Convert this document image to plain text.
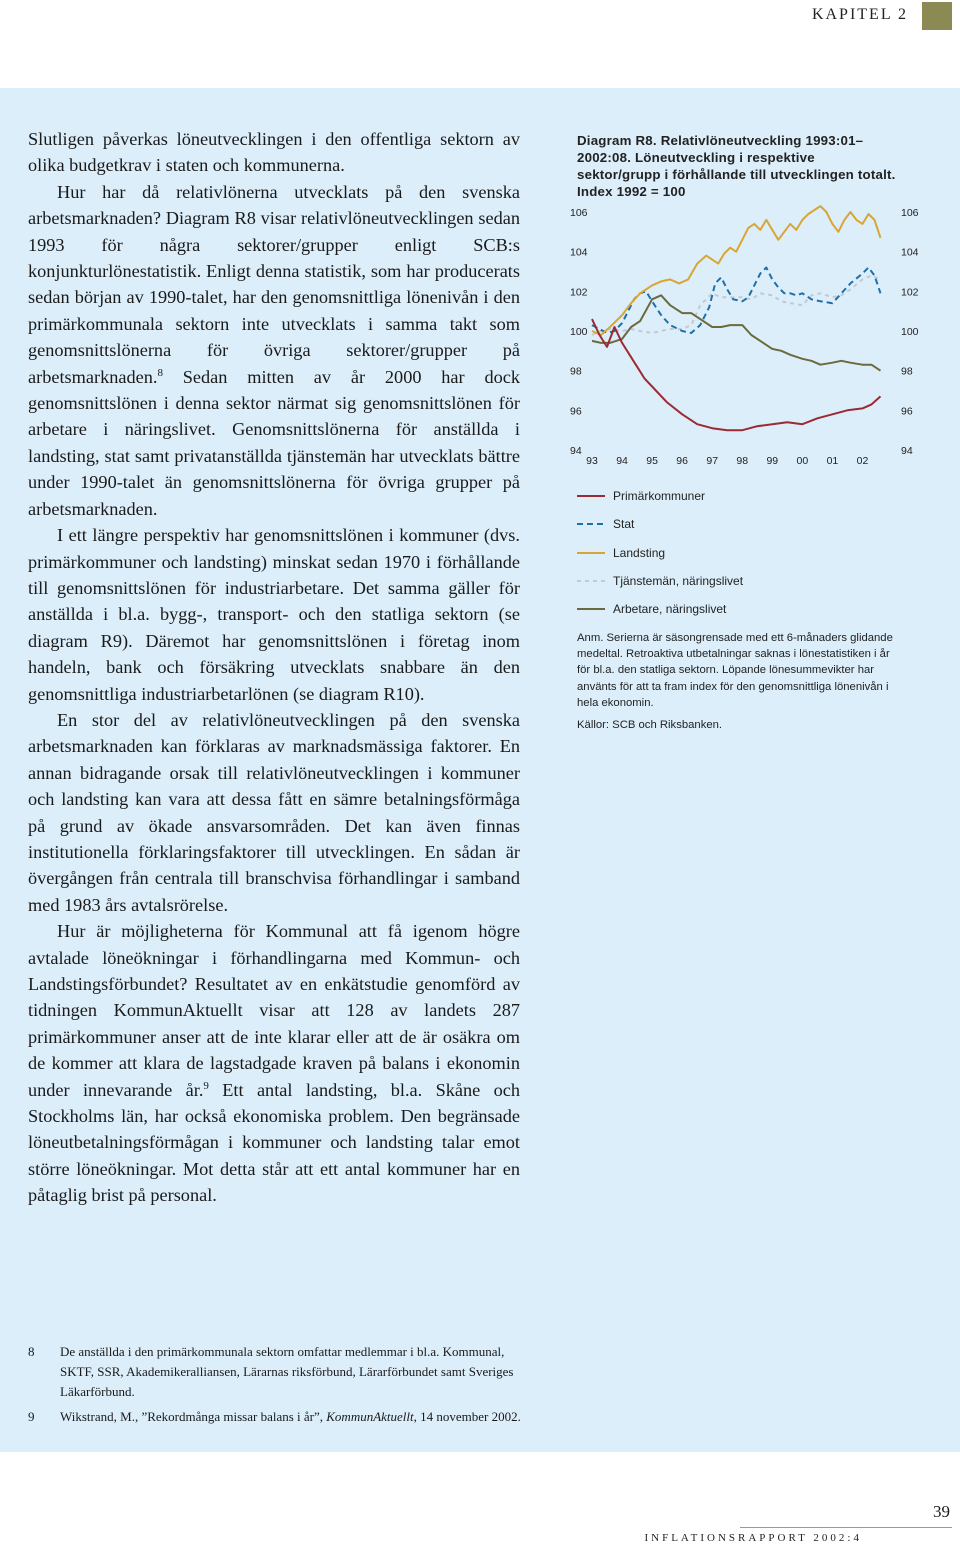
KAPITEL 2

Slutligen påverkas löneutvecklingen i den offentliga sektorn av olika budgetkrav i staten och kommunerna.

Hur har då relativlönerna utvecklats på den svenska arbetsmarknaden? Diagram R8 visar relativlöneutvecklingen sedan 1993 för några sektorer/grupper enligt SCB:s konjunkturlönestatistik. Enligt denna statistik, som har producerats sedan början av 1990-talet, har den genomsnittliga lönenivån i den primärkommunala sektorn inte utvecklats i samma takt som genomsnittslönerna för övriga sektorer/grupper på arbetsmarknaden.$^8$ Sedan mitten av år 2000 har dock genomsnittslönen i denna sektor närmat sig genomsnittslönen för arbetare i näringslivet. Genomsnittslönerna för anställda i landsting, stat samt privatanställda tjänstemän har utvecklats bättre under 1990-talet än genomsnittslönerna för övriga grupper på arbetsmarknaden.

I ett längre perspektiv har genomsnittslönen i kommuner (dvs. primärkommuner och landsting) minskat sedan 1970 i förhållande till genomsnittslönen för industriarbetare. Det samma gäller för anställda i bl.a. bygg-, transport- och den statliga sektorn (se diagram R9). Däremot har genomsnittslönen i företag inom handeln, bank och försäkring utvecklats snabbare än den genomsnittliga industriarbetarlönen (se diagram R10).

En stor del av relativlöneutvecklingen på den svenska arbetsmarknaden kan förklaras av marknadsmässiga faktorer. En annan bidragande orsak till relativlöneutvecklingen i kommuner och landsting kan vara att dessa fått en sämre betalningsförmåga på grund av ökade ansvarsområden. Det kan även finnas institutionella förklaringsfaktorer till utvecklingen. En sådan är övergången från centrala till branschvisa förhandlingar i samband med 1983 års avtalsrörelse.

Hur är möjligheterna för Kommunal att få igenom högre avtalade löneökningar i förhandlingarna med Kommun- och Landstingsförbundet? Resultatet av en enkätstudie genomförd av tidningen KommunAktuellt visar att 128 av landets 287 primärkommuner anser att de inte klarar eller att de är osäkra om de kommer att klara de lagstadgade kraven på balans i ekonomin under innevarande år.$^9$ Ett antal landsting, bl.a. Skåne och Stockholms län, har också ekonomiska problem. Den begränsade löneutbetalningsförmågan i kommuner och landsting talar emot större löneökningar. Mot detta står att ett antal kommuner har en påtaglig brist på personal.

Diagram R8. Relativlöneutveckling 1993:01–2002:08. Löneutveckling i respektive sektor/grupp i förhållande till utvecklingen totalt. Index 1992 = 100
94	94
96	96
98	98
100	100
102	102
104	104
106	106
93 94 95 96 97 98 99 00 01 02
Primärkommuner
Stat
Landsting
Tjänstemän, näringslivet
Arbetare, näringslivet

Anm. Serierna är säsongrensade med ett 6-månaders glidande medeltal. Retroaktiva utbetalningar saknas i lönestatistiken i år för bl.a. den statliga sektorn. Löpande lönesummevikter har använts för att ta fram index för den genomsnittliga lönenivån i hela ekonomin.

Källor: SCB och Riksbanken.

8	De anställda i den primärkommunala sektorn omfattar medlemmar i bl.a. Kommunal, SKTF, SSR, Akademikeralliansen, Lärarnas riksförbund, Lärarförbundet samt Sveriges Läkarförbund.
9	Wikstrand, M., ”Rekordmånga missar balans i år”, KommunAktuellt, 14 november 2002.
39
INFLATIONSRAPPORT 2002:4
